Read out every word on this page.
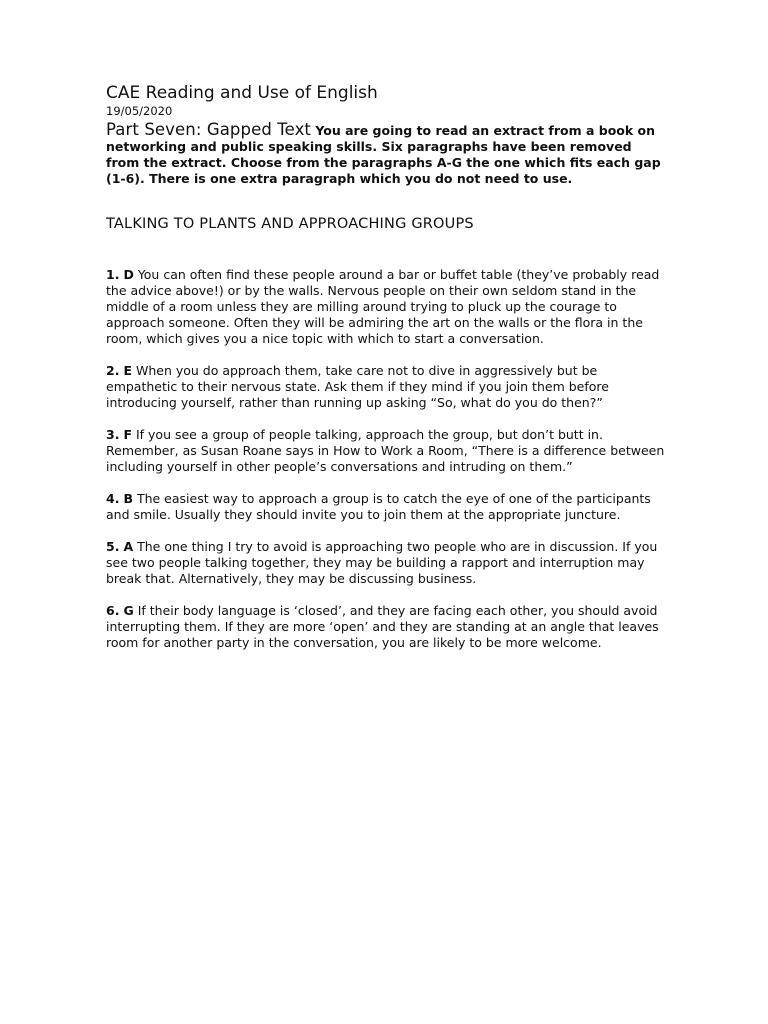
CAE Reading and Use of English
19/05/2020

Part Seven: Gapped Text You are going to read an extract from a book on networking and public speaking skills. Six paragraphs have been removed from the extract. Choose from the paragraphs A-G the one which fits each gap (1-6). There is one extra paragraph which you do not need to use.

TALKING TO PLANTS AND APPROACHING GROUPS

1. D You can often find these people around a bar or buffet table (they’ve probably read the advice above!) or by the walls. Nervous people on their own seldom stand in the middle of a room unless they are milling around trying to pluck up the courage to approach someone. Often they will be admiring the art on the walls or the flora in the room, which gives you a nice topic with which to start a conversation.

2. E When you do approach them, take care not to dive in aggressively but be empathetic to their nervous state. Ask them if they mind if you join them before introducing yourself, rather than running up asking “So, what do you do then?”

3. F If you see a group of people talking, approach the group, but don’t butt in. Remember, as Susan Roane says in How to Work a Room, “There is a difference between including yourself in other people’s conversations and intruding on them.”

4. B The easiest way to approach a group is to catch the eye of one of the participants and smile. Usually they should invite you to join them at the appropriate juncture.

5. A The one thing I try to avoid is approaching two people who are in discussion. If you see two people talking together, they may be building a rapport and interruption may break that. Alternatively, they may be discussing business.

6. G If their body language is ‘closed’, and they are facing each other, you should avoid interrupting them. If they are more ‘open’ and they are standing at an angle that leaves room for another party in the conversation, you are likely to be more welcome.
